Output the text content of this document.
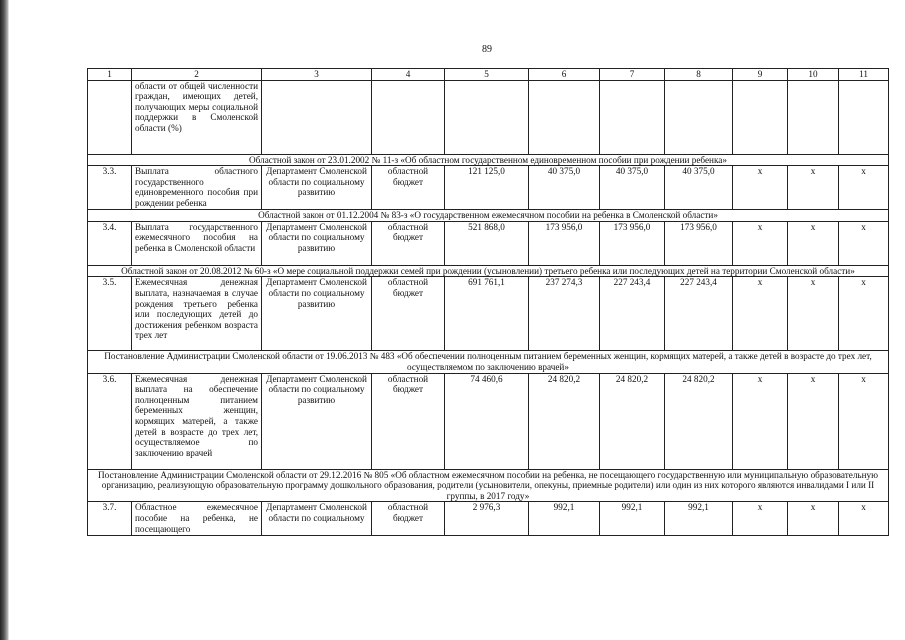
89
1	2	3	4	5	6	7	8	9	10	11
	области от общей численности граждан, имеющих детей, получающих меры социальной поддержки в Смоленской области (%)									
Областной закон от 23.01.2002 № 11-з «Об областном государственном единовременном пособии при рождении ребенка»										
3.3.	Выплата областного государственного единовременного пособия при рождении ребенка	Департамент Смоленской области по социальному развитию	областной бюджет	121 125,0	40 375,0	40 375,0	40 375,0	х	х	х
Областной закон от 01.12.2004 № 83-з «О государственном ежемесячном пособии на ребенка в Смоленской области»										
3.4.	Выплата государственного ежемесячного пособия на ребенка в Смоленской области	Департамент Смоленской области по социальному развитию	областной бюджет	521 868,0	173 956,0	173 956,0	173 956,0	х	х	х
Областной закон от 20.08.2012 № 60-з «О мере социальной поддержки семей при рождении (усыновлении) третьего ребенка или последующих детей на территории Смоленской области»										
3.5.	Ежемесячная денежная выплата, назначаемая в случае рождения третьего ребенка или последующих детей до достижения ребенком возраста трех лет	Департамент Смоленской области по социальному развитию	областной бюджет	691 761,1	237 274,3	227 243,4	227 243,4	х	х	х
Постановление Администрации Смоленской области от 19.06.2013 № 483 «Об обеспечении полноценным питанием беременных женщин, кормящих матерей, а также детей в возрасте до трех лет, осуществляемом по заключению врачей»										
3.6.	Ежемесячная денежная выплата на обеспечение полноценным питанием беременных женщин, кормящих матерей, а также детей в возрасте до трех лет, осуществляемое по заключению врачей	Департамент Смоленской области по социальному развитию	областной бюджет	74 460,6	24 820,2	24 820,2	24 820,2	х	х	х
Постановление Администрации Смоленской области от 29.12.2016 № 805 «Об областном ежемесячном пособии на ребенка, не посещающего государственную или муниципальную образовательную организацию, реализующую образовательную программу дошкольного образования, родители (усыновители, опекуны, приемные родители) или один из них которого являются инвалидами I или II группы, в 2017 году»										
3.7.	Областное ежемесячное пособие на ребенка, не посещающего	Департамент Смоленской области по социальному	областной бюджет	2 976,3	992,1	992,1	992,1	х	х	х
